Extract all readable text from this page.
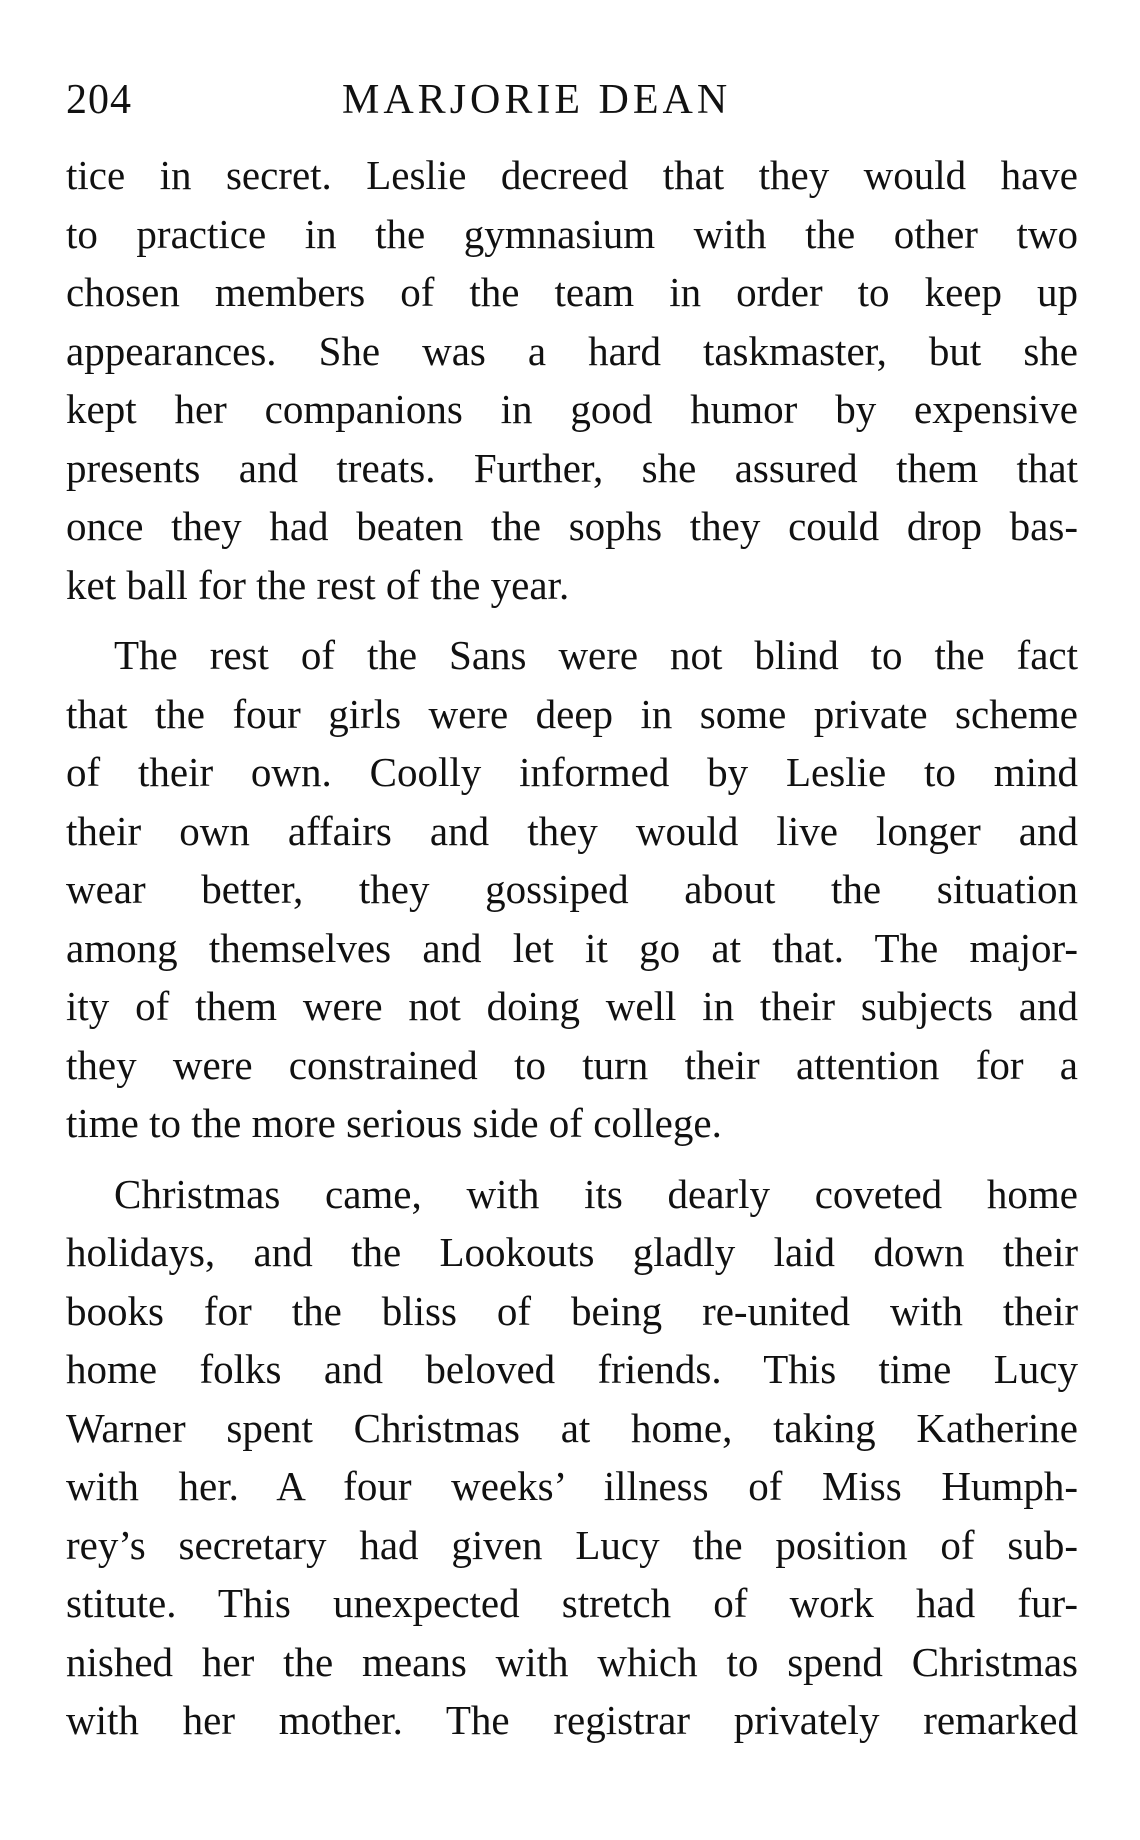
204	MARJORIE DEAN
tice in secret. Leslie decreed that they would have
to practice in the gymnasium with the other two
chosen members of the team in order to keep up
appearances. She was a hard taskmaster, but she
kept her companions in good humor by expensive
presents and treats. Further, she assured them that
once they had beaten the sophs they could drop bas-
ket ball for the rest of the year.
The rest of the Sans were not blind to the fact
that the four girls were deep in some private scheme
of their own. Coolly informed by Leslie to mind
their own affairs and they would live longer and
wear better, they gossiped about the situation
among themselves and let it go at that. The major-
ity of them were not doing well in their subjects and
they were constrained to turn their attention for a
time to the more serious side of college.
Christmas came, with its dearly coveted home
holidays, and the Lookouts gladly laid down their
books for the bliss of being re-united with their
home folks and beloved friends. This time Lucy
Warner spent Christmas at home, taking Katherine
with her. A four weeks’ illness of Miss Humph-
rey’s secretary had given Lucy the position of sub-
stitute. This unexpected stretch of work had fur-
nished her the means with which to spend Christmas
with her mother. The registrar privately remarked
